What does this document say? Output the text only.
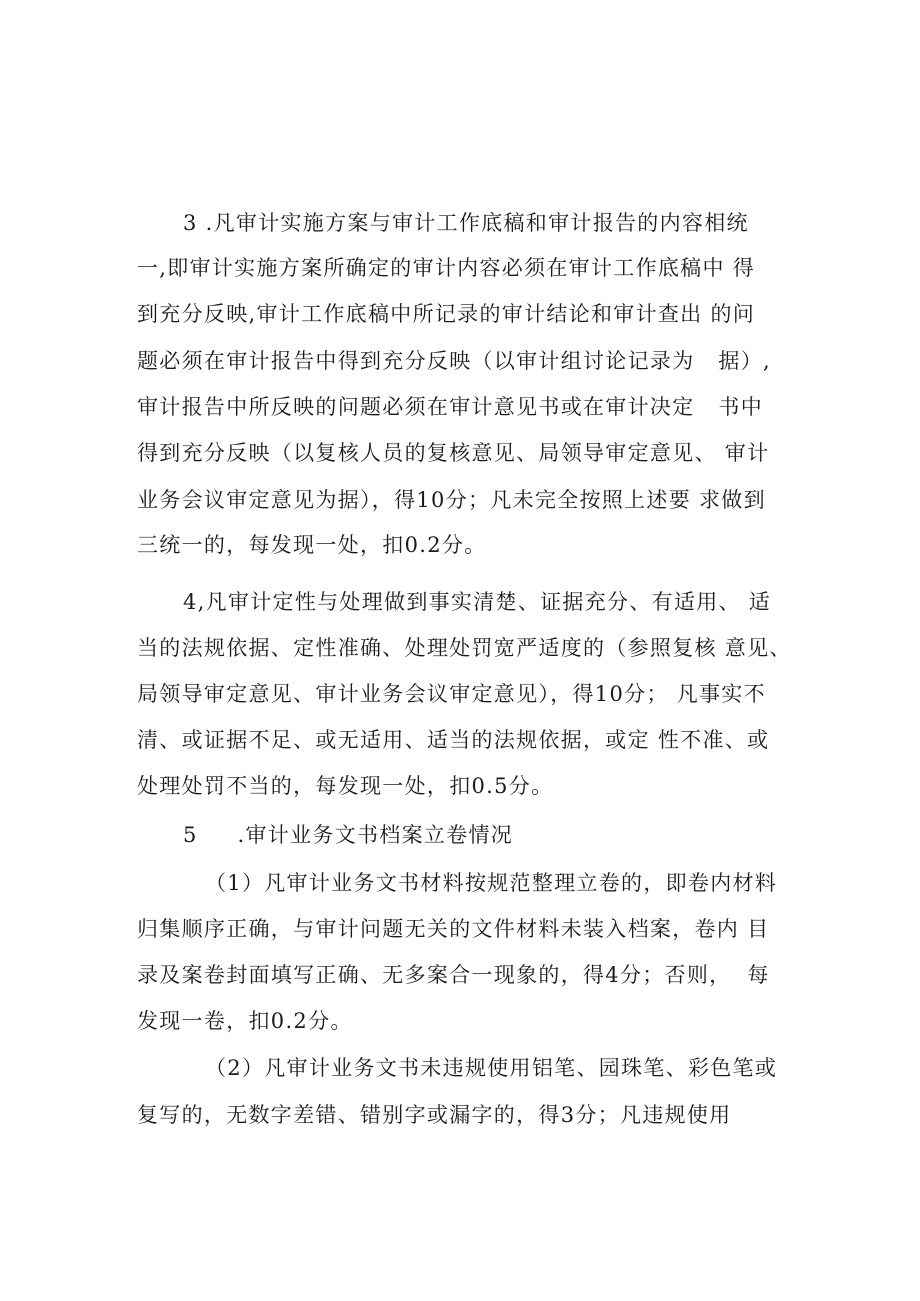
3 .凡审计实施方案与审计工作底稿和审计报告的内容相统
一,即审计实施方案所确定的审计内容必须在审计工作底稿中 得
到充分反映,审计工作底稿中所记录的审计结论和审计查出 的问
题必须在审计报告中得到充分反映（以审计组讨论记录为   据）,
审计报告中所反映的问题必须在审计意见书或在审计决定   书中
得到充分反映（以复核人员的复核意见、局领导审定意见、 审计
业务会议审定意见为据），得10分；凡未完全按照上述要 求做到
三统一的，每发现一处，扣0.2分。
4,凡审计定性与处理做到事实清楚、证据充分、有适用、 适
当的法规依据、定性准确、处理处罚宽严适度的（参照复核 意见、
局领导审定意见、审计业务会议审定意见），得10分； 凡事实不
清、或证据不足、或无适用、适当的法规依据，或定 性不准、或
处理处罚不当的，每发现一处，扣0.5分。
5     .审计业务文书档案立卷情况
（1）凡审计业务文书材料按规范整理立卷的，即卷内材料
归集顺序正确，与审计问题无关的文件材料未装入档案，卷内 目
录及案卷封面填写正确、无多案合一现象的，得4分；否则，  每
发现一卷，扣0.2分。
（2）凡审计业务文书未违规使用铝笔、园珠笔、彩色笔或
复写的，无数字差错、错别字或漏字的，得3分；凡违规使用
